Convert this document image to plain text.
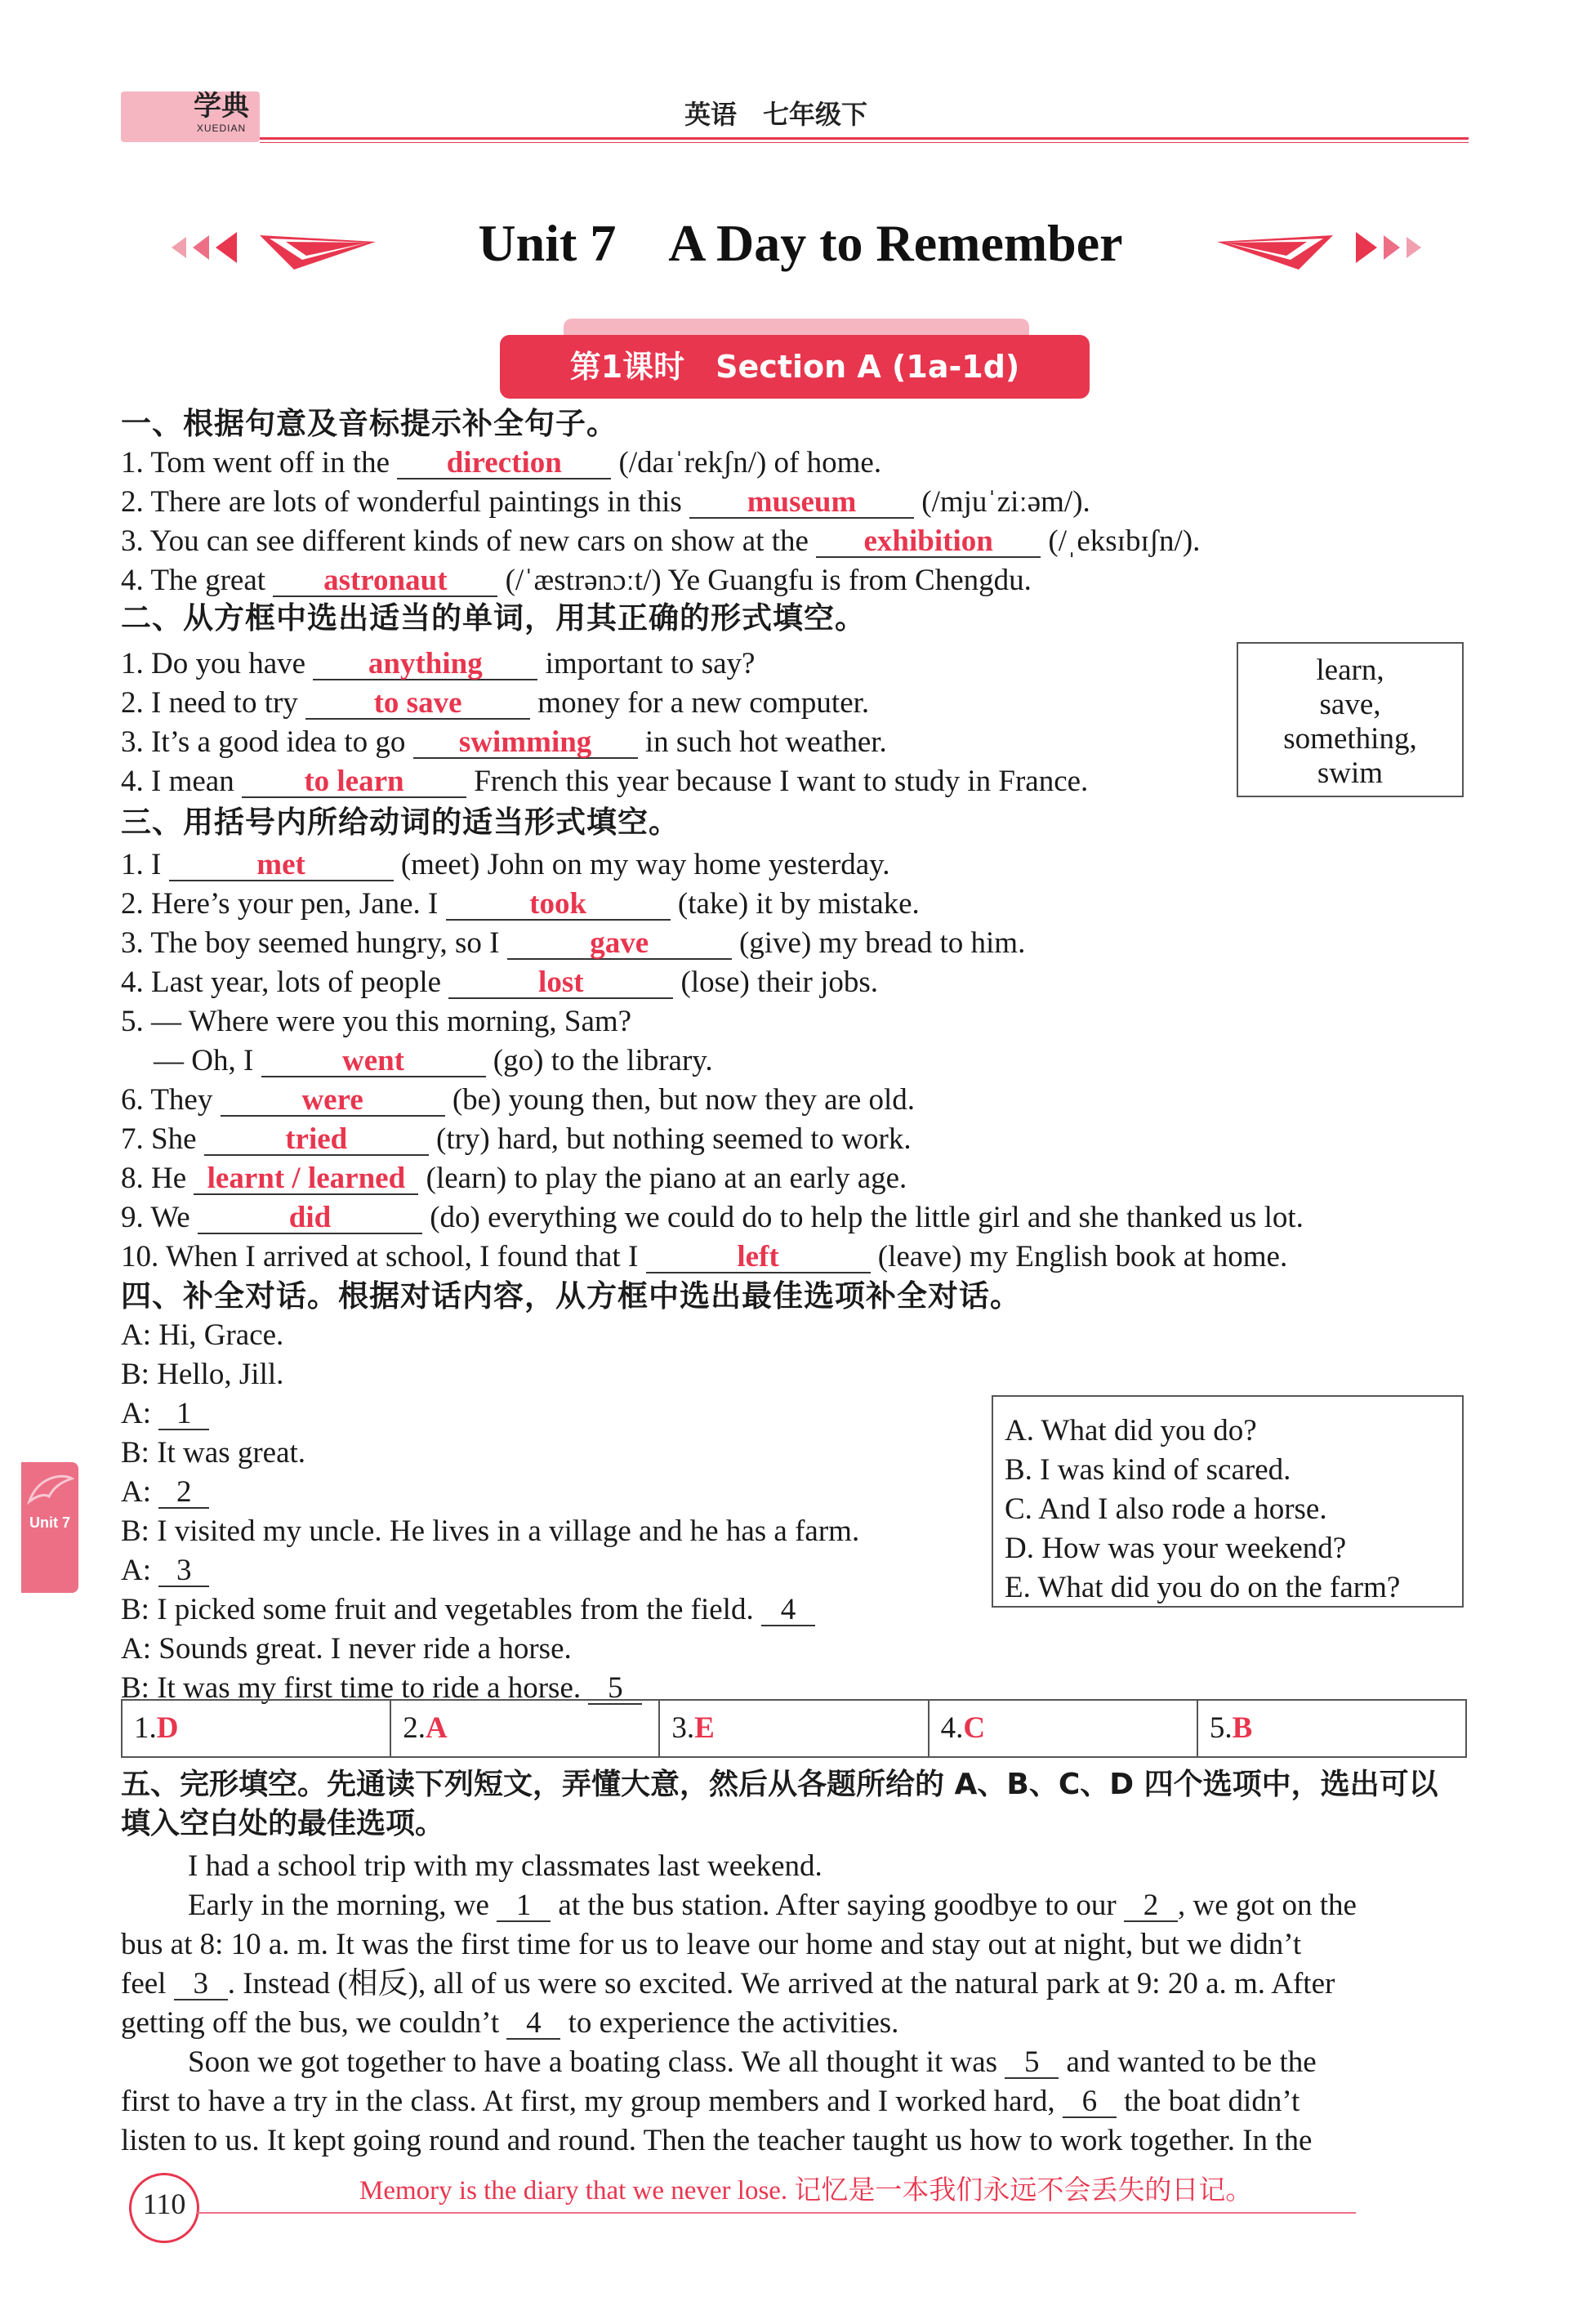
学典
XUEDIAN	英语　七年级下
Unit 7　A Day to Remember
第1课时　Section A (1a-1d)
一、根据句意及音标提示补全句子。
1. Tom went off in the direction (/daɪˈrekʃn/) of home.
2. There are lots of wonderful paintings in this museum (/mjuˈziːəm/).
3. You can see different kinds of new cars on show at the exhibition (/ˌeksɪbɪʃn/).
4. The great astronaut (/ˈæstrənɔːt/) Ye Guangfu is from Chengdu.
二、从方框中选出适当的单词，用其正确的形式填空。
1. Do you have anything important to say?
2. I need to try	to save	money for a new computer.
3. It’s a good idea to go swimming in such hot weather.
4. I mean to learn French this year because I want to study in France.
learn,
save,
something,
swim
三、用括号内所给动词的适当形式填空。
1. I	met	(meet) John on my way home yesterday.
2. Here’s your pen, Jane. I	took	(take) it by mistake.
3. The boy seemed hungry, so I	gave	(give) my bread to him.
4. Last year, lots of people	lost	(lose) their jobs.
5. — Where were you this morning, Sam?
— Oh, I	went	(go) to the library.
6. They	were	(be) young then, but now they are old.
7. She	tried	(try) hard, but nothing seemed to work.
8. He learnt / learned (learn) to play the piano at an early age.
9. We	did	(do) everything we could do to help the little girl and she thanked us lot.
10. When I arrived at school, I found that I	left	(leave) my English book at home.
四、补全对话。根据对话内容，从方框中选出最佳选项补全对话。
A: Hi, Grace.
B: Hello, Jill.
A: 1
B: It was great.
A: 2
B: I visited my uncle. He lives in a village and he has a farm.
A: 3
B: I picked some fruit and vegetables from the field. 4
A: Sounds great. I never ride a horse.
B: It was my first time to ride a horse. 5
A. What did you do?
B. I was kind of scared.
C. And I also rode a horse.
D. How was your weekend?
E. What did you do on the farm?
1.D	2.A	3.E	4.C	5.B
五、完形填空。先通读下列短文，弄懂大意，然后从各题所给的 A、B、C、D 四个选项中，选出可以
填入空白处的最佳选项。
I had a school trip with my classmates last weekend.
Early in the morning, we 1 at the bus station. After saying goodbye to our 2 , we got on the
bus at 8: 10 a. m. It was the first time for us to leave our home and stay out at night, but we didn’t
feel 3 . Instead (相反), all of us were so excited. We arrived at the natural park at 9: 20 a. m. After
getting off the bus, we couldn’t 4 to experience the activities.
Soon we got together to have a boating class. We all thought it was 5 and wanted to be the
first to have a try in the class. At first, my group members and I worked hard, 6 the boat didn’t
listen to us. It kept going round and round. Then the teacher taught us how to work together. In the
Unit 7
110	Memory is the diary that we never lose. 记忆是一本我们永远不会丢失的日记。
